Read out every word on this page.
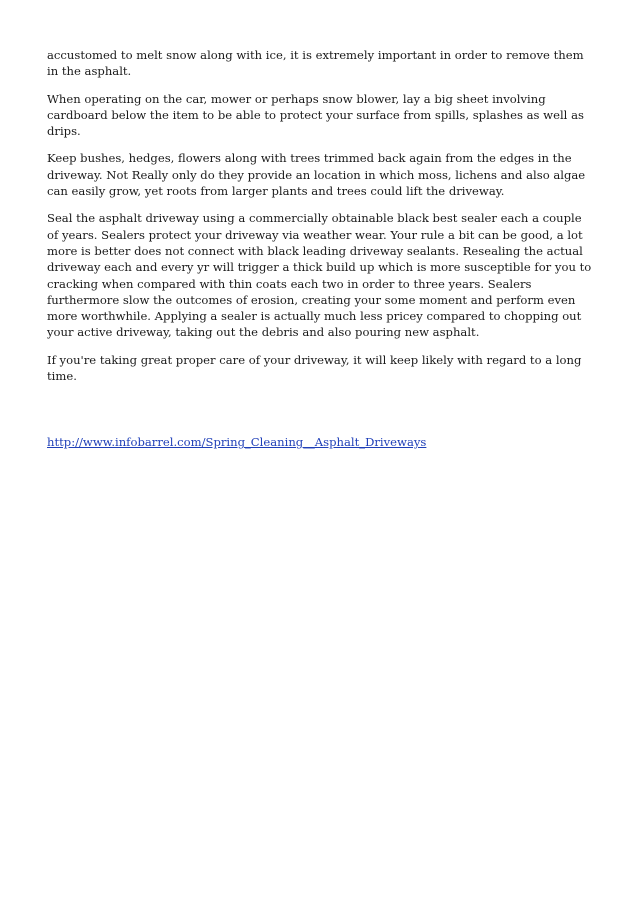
accustomed to melt snow along with ice, it is extremely important in order to remove them in the asphalt.

When operating on the car, mower or perhaps snow blower, lay a big sheet involving cardboard below the item to be able to protect your surface from spills, splashes as well as drips.

Keep bushes, hedges, flowers along with trees trimmed back again from the edges in the driveway. Not Really only do they provide an location in which moss, lichens and also algae can easily grow, yet roots from larger plants and trees could lift the driveway.

Seal the asphalt driveway using a commercially obtainable black best sealer each a couple of years. Sealers protect your driveway via weather wear. Your rule a bit can be good, a lot more is better does not connect with black leading driveway sealants. Resealing the actual driveway each and every yr will trigger a thick build up which is more susceptible for you to cracking when compared with thin coats each two in order to three years. Sealers furthermore slow the outcomes of erosion, creating your some moment and perform even more worthwhile. Applying a sealer is actually much less pricey compared to chopping out your active driveway, taking out the debris and also pouring new asphalt.

If you're taking great proper care of your driveway, it will keep likely with regard to a long time.

http://www.infobarrel.com/Spring_Cleaning__Asphalt_Driveways
